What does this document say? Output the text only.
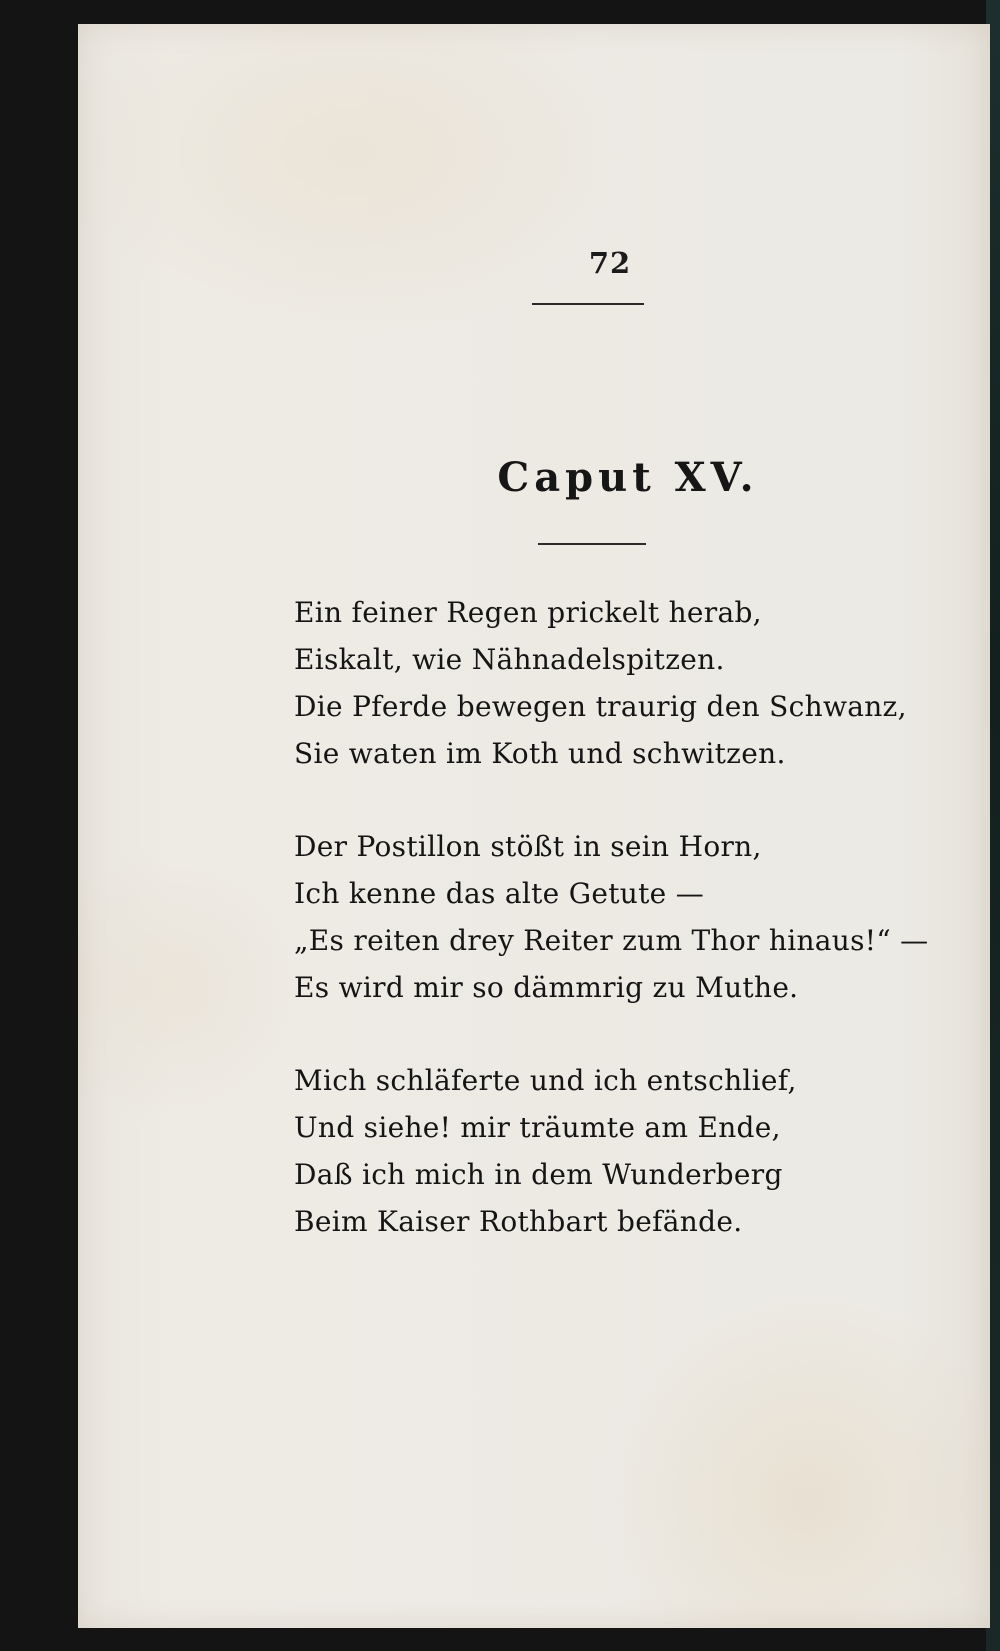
72
Caput XV.
Ein feiner Regen prickelt herab,
Eiskalt, wie Nähnadelspitzen.
Die Pferde bewegen traurig den Schwanz,
Sie waten im Koth und schwitzen.
Der Postillon stößt in sein Horn,
Ich kenne das alte Getute —
„Es reiten drey Reiter zum Thor hinaus!“ —
Es wird mir so dämmrig zu Muthe.
Mich schläferte und ich entschlief,
Und siehe! mir träumte am Ende,
Daß ich mich in dem Wunderberg
Beim Kaiser Rothbart befände.
